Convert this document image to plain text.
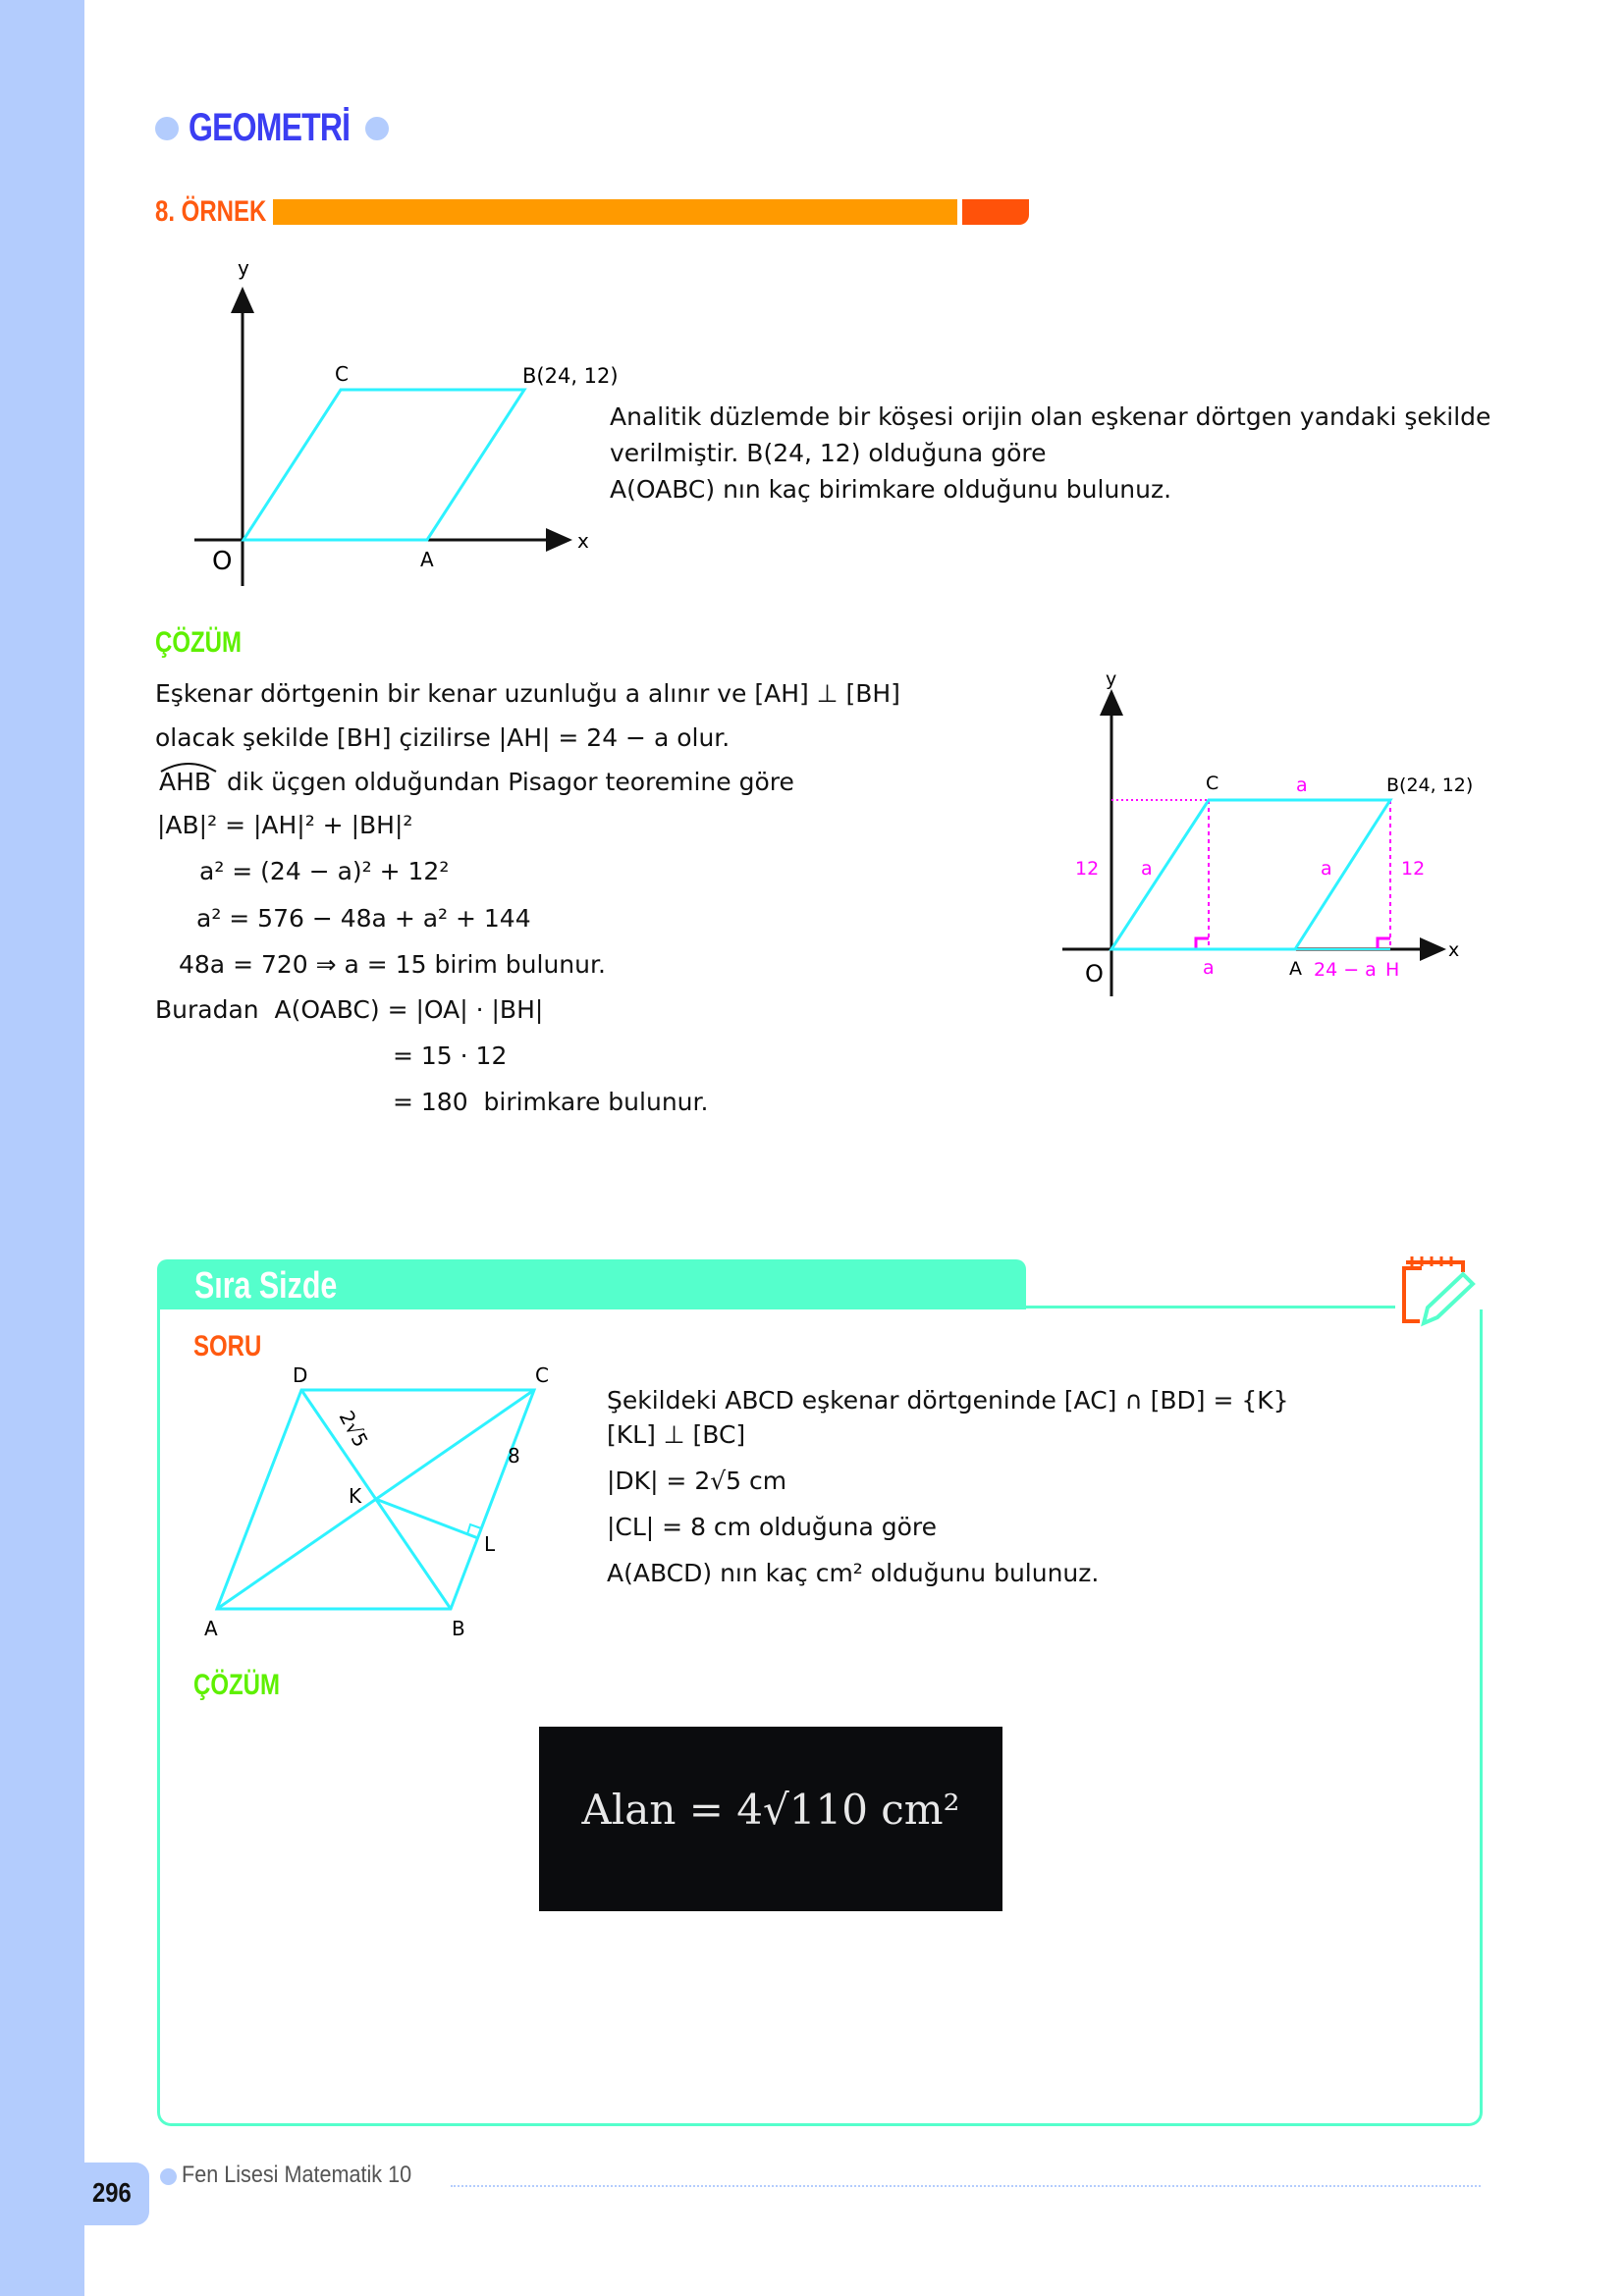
GEOMETRİ
8. ÖRNEK
y
x
O	A
C	B(24, 12)
Analitik düzlemde bir köşesi orijin olan eşkenar dörtgen yandaki şekilde
verilmiştir. B(24, 12) olduğuna göre
A(OABC) nın kaç birimkare olduğunu bulunuz.
ÇÖZÜM
Eşkenar dörtgenin bir kenar uzunluğu a alınır ve [AH] ⊥ [BH]
olacak şekilde [BH] çizilirse |AH| = 24 − a olur.
AHB  dik üçgen olduğundan Pisagor teoremine göre
|AB|² = |AH|² + |BH|²
a² = (24 − a)² + 12²
a² = 576 − 48a + a² + 144
48a = 720 ⇒ a = 15 birim bulunur.
Buradan  A(OABC) = |OA| · |BH|
= 15 · 12
= 180  birimkare bulunur.
y
x
O	A
C	B(24, 12)
a
12 a	a	12
a	24 − a H
Sıra Sizde
SORU
D	C
A	B
K
L
8
2√5
Şekildeki ABCD eşkenar dörtgeninde [AC] ∩ [BD] = {K}
[KL] ⊥ [BC]
|DK| = 2√5 cm
|CL| = 8 cm olduğuna göre
A(ABCD) nın kaç cm² olduğunu bulunuz.
ÇÖZÜM
Alan = 4√110 cm²
296
Fen Lisesi Matematik 10
